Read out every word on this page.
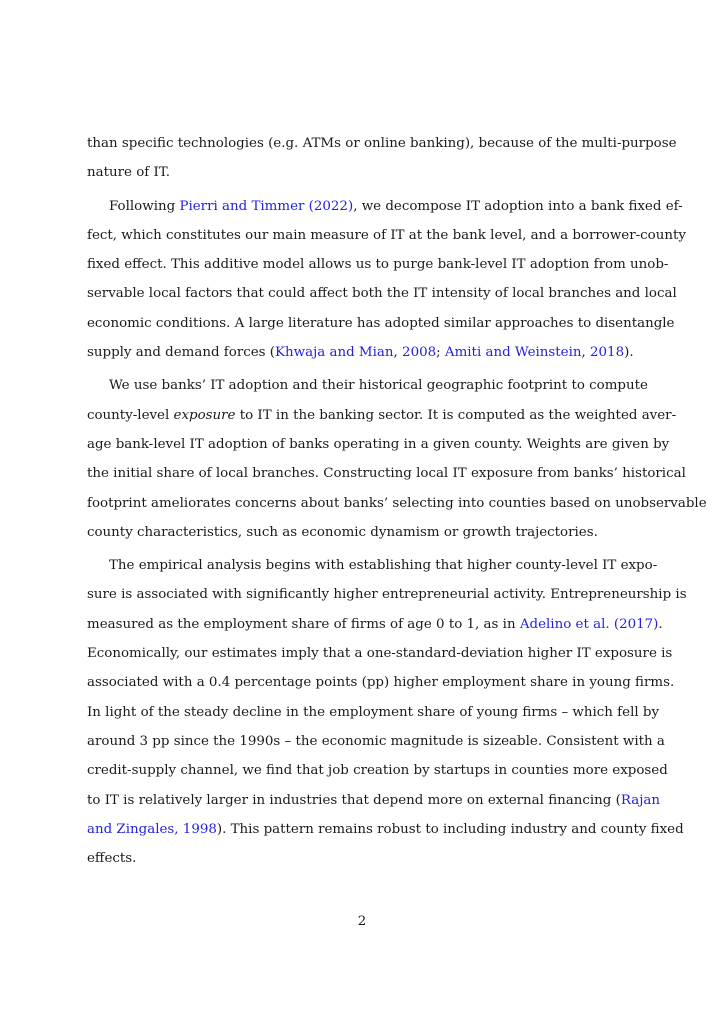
than specific technologies (e.g. ATMs or online banking), because of the multi-purpose
nature of IT.
Following Pierri and Timmer (2022), we decompose IT adoption into a bank fixed ef-
fect, which constitutes our main measure of IT at the bank level, and a borrower-county
fixed effect. This additive model allows us to purge bank-level IT adoption from unob-
servable local factors that could affect both the IT intensity of local branches and local
economic conditions. A large literature has adopted similar approaches to disentangle
supply and demand forces (Khwaja and Mian, 2008; Amiti and Weinstein, 2018).
We use banks’ IT adoption and their historical geographic footprint to compute
county-level exposure to IT in the banking sector. It is computed as the weighted aver-
age bank-level IT adoption of banks operating in a given county. Weights are given by
the initial share of local branches. Constructing local IT exposure from banks’ historical
footprint ameliorates concerns about banks’ selecting into counties based on unobservable
county characteristics, such as economic dynamism or growth trajectories.
The empirical analysis begins with establishing that higher county-level IT expo-
sure is associated with significantly higher entrepreneurial activity. Entrepreneurship is
measured as the employment share of firms of age 0 to 1, as in Adelino et al. (2017).
Economically, our estimates imply that a one-standard-deviation higher IT exposure is
associated with a 0.4 percentage points (pp) higher employment share in young firms.
In light of the steady decline in the employment share of young firms – which fell by
around 3 pp since the 1990s – the economic magnitude is sizeable. Consistent with a
credit-supply channel, we find that job creation by startups in counties more exposed
to IT is relatively larger in industries that depend more on external financing (Rajan
and Zingales, 1998). This pattern remains robust to including industry and county fixed
effects.
2
